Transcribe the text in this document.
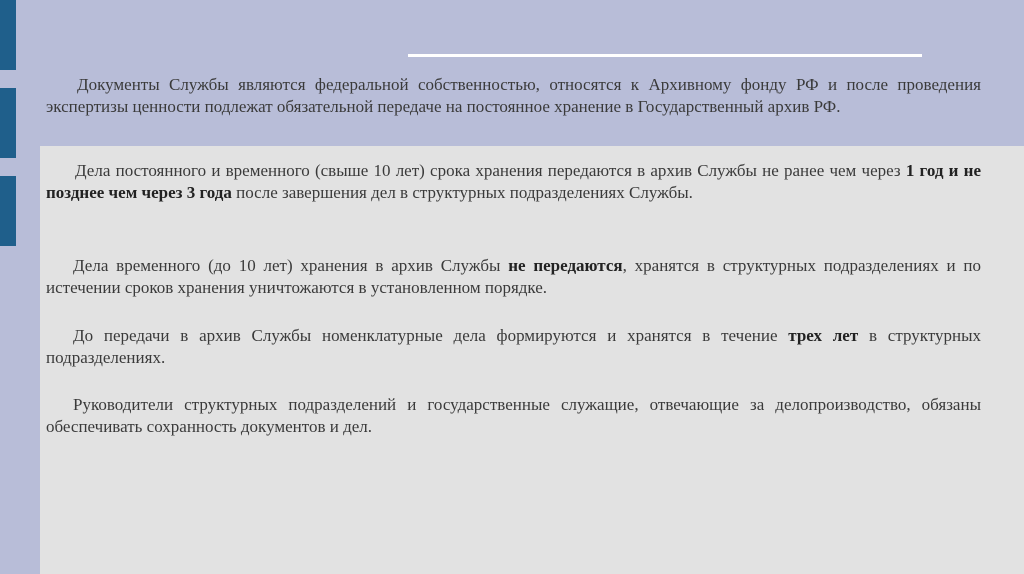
Документы Службы являются федеральной собственностью, относятся к Архивному фонду РФ и после проведения экспертизы ценности подлежат обязательной передаче на постоянное хранение в Государственный архив РФ.

Дела постоянного и временного (свыше 10 лет) срока хранения передаются в архив Службы не ранее чем через 1 год и не позднее чем через 3 года после завершения дел в структурных подразделениях Службы.

Дела временного (до 10 лет) хранения в архив Службы не передаются, хранятся в структурных подразделениях и по истечении сроков хранения уничтожаются в установленном порядке.

До передачи в архив Службы номенклатурные дела формируются и хранятся в течение трех лет в структурных подразделениях.

Руководители структурных подразделений и государственные служащие, отвечающие за делопроизводство, обязаны обеспечивать сохранность документов и дел.
